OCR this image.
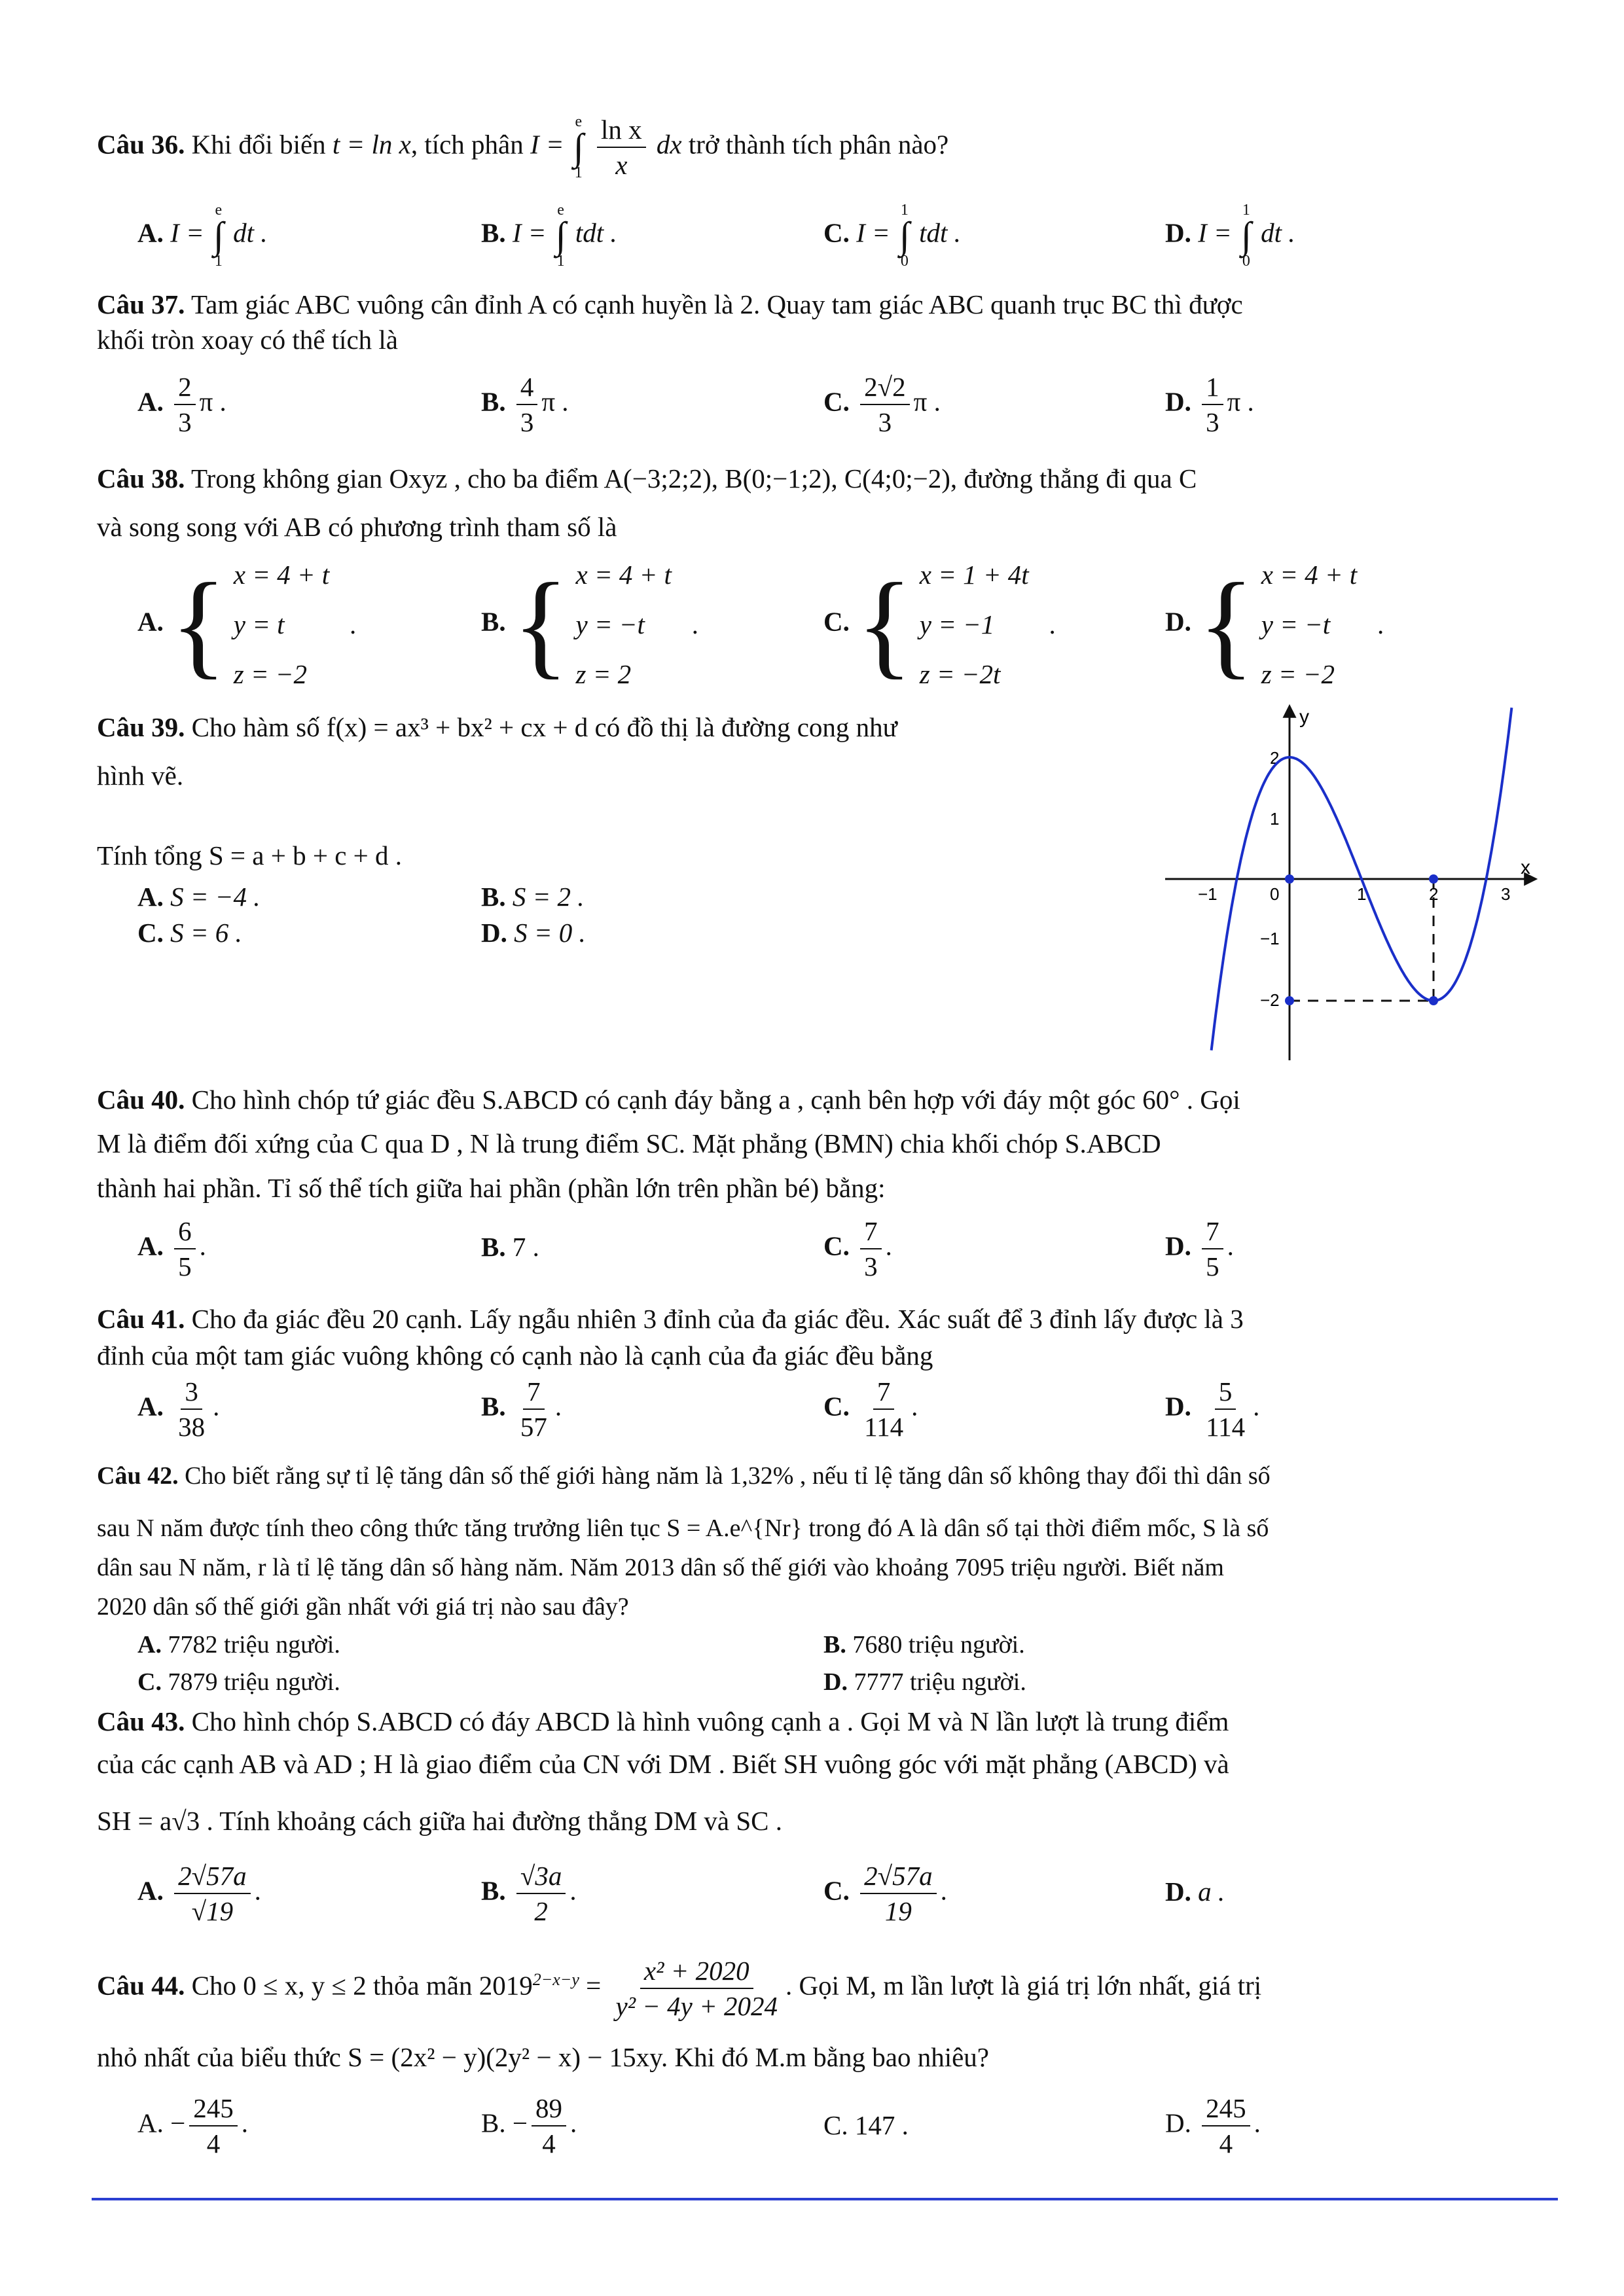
Câu 36. Khi đổi biến t = ln x, tích phân I =
e
∫
1
$\frac{\text{ln x}}{x}$ dx trở thành tích phân nào?
A. I =
e
∫
1
dt .	B. I =
e
∫
1
tdt .	C. I =
1
∫
0
tdt .	D. I =
1
∫
0
dt .
Câu 37. Tam giác ABC vuông cân đỉnh A có cạnh huyền là 2. Quay tam giác ABC quanh trục BC thì được
khối tròn xoay có thể tích là
A. $\frac{2}{3}$ π .	B. $\frac{4}{3}$ π .	C. $\frac{2√2}{3}$ π .	D. $\frac{1}{3}$ π .
Câu 38. Trong không gian Oxyz , cho ba điểm A(−3;2;2), B(0;−1;2), C(4;0;−2), đường thẳng đi qua C
và song song với AB có phương trình tham số là
A. { x = 4 + t
y = t
z = −2
.	B. { x = 4 + t
y = −t
z = 2
.	C. { x = 1 + 4t
y = −1
z = −2t
.	D. { x = 4 + t
y = −t
z = −2
.
Câu 39. Cho hàm số f(x) = ax³ + bx² + cx + d có đồ thị là đường cong như
hình vẽ.
Tính tổng S = a + b + c + d .
A. S = −4 .	B. S = 2 .
C. S = 6 .	D. S = 0 .
y
x
2
1
0
−1
−2
−1	1	2	3
Câu 40. Cho hình chóp tứ giác đều S.ABCD có cạnh đáy bằng a , cạnh bên hợp với đáy một góc 60° . Gọi
M là điểm đối xứng của C qua D , N là trung điểm SC. Mặt phẳng (BMN) chia khối chóp S.ABCD
thành hai phần. Tỉ số thể tích giữa hai phần (phần lớn trên phần bé) bằng:
A. $\frac{6}{5}$ .	B. 7 .	C. $\frac{7}{3}$ .	D. $\frac{7}{5}$ .
Câu 41. Cho đa giác đều 20 cạnh. Lấy ngẫu nhiên 3 đỉnh của đa giác đều. Xác suất để 3 đỉnh lấy được là 3
đỉnh của một tam giác vuông không có cạnh nào là cạnh của đa giác đều bằng
A. $\frac{3}{38}$ .	B. $\frac{7}{57}$ .	C. $\frac{7}{114}$ .	D. $\frac{5}{114}$ .
Câu 42. Cho biết rằng sự tỉ lệ tăng dân số thế giới hàng năm là 1,32% , nếu tỉ lệ tăng dân số không thay đổi thì dân số
sau N năm được tính theo công thức tăng trưởng liên tục S = A.e^{Nr} trong đó A là dân số tại thời điểm mốc, S là số
dân sau N năm, r là tỉ lệ tăng dân số hàng năm. Năm 2013 dân số thế giới vào khoảng 7095 triệu người. Biết năm
2020 dân số thế giới gần nhất với giá trị nào sau đây?
A. 7782 triệu người.	B. 7680 triệu người.
C. 7879 triệu người.	D. 7777 triệu người.
Câu 43. Cho hình chóp S.ABCD có đáy ABCD là hình vuông cạnh a . Gọi M và N lần lượt là trung điểm
của các cạnh AB và AD ; H là giao điểm của CN với DM . Biết SH vuông góc với mặt phẳng (ABCD) và
SH = a√3 . Tính khoảng cách giữa hai đường thẳng DM và SC .
A. $\frac{2√57a}{√19}$ .	B. $\frac{√3a}{2}$ .	C. $\frac{2√57a}{19}$ .	D. a .
Câu 44. Cho 0 ≤ x, y ≤ 2 thỏa mãn $2019^{2-x-y} = \frac{\text{x² + 2020}}{\text{y² − 4y + 2024}}$ . Gọi M, m lần lượt là giá trị lớn nhất, giá trị
nhỏ nhất của biểu thức S = (2x² − y)(2y² − x) − 15xy. Khi đó M.m bằng bao nhiêu?
A. − $\frac{245}{4}$ .	B. − $\frac{89}{4}$ .	C. 147 .	D. $\frac{245}{4}$ .
